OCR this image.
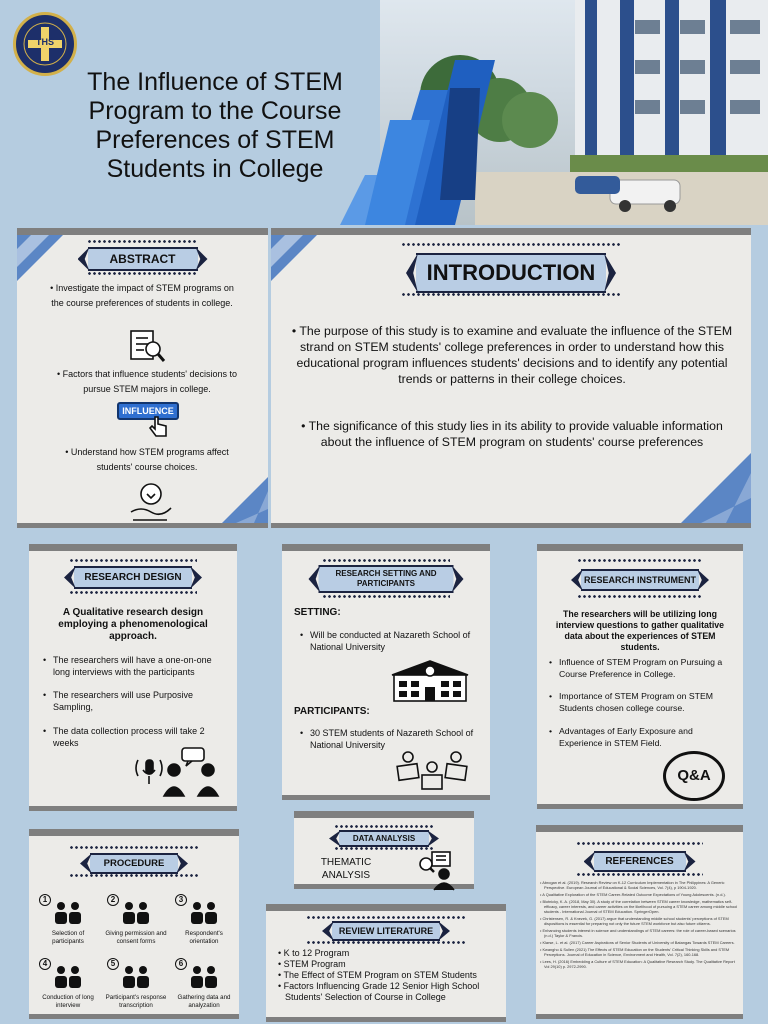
THS
The Influence of STEM Program to the Course Preferences of STEM Students in College
ABSTRACT
• Investigate the impact of STEM programs on the course preferences of students in college.
• Factors that influence students' decisions to pursue STEM majors in college.
INFLUENCE
• Understand how STEM programs affect students' course choices.
INTRODUCTION
• The purpose of this study is to examine and evaluate the influence of the STEM strand on STEM students' college preferences in order to understand how this educational program influences students' decisions and to identify any potential trends or patterns in their college choices.
• The significance of this study lies in its ability to provide valuable information about the influence of STEM program on students' course preferences
RESEARCH DESIGN
A Qualitative research design employing a phenomenological approach.
• The researchers will have a one-on-one long interviews with the participants
• The researchers will use Purposive Sampling,
• The data collection process will take 2 weeks
RESEARCH SETTING AND PARTICIPANTS
SETTING:
• Will be conducted at Nazareth School of National University
PARTICIPANTS:
• 30 STEM students of Nazareth School of National University
RESEARCH INSTRUMENT
The researchers will be utilizing long interview questions to gather qualitative data about the experiences of STEM students.
• Influence of STEM Program on Pursuing a Course Preference in College.
• Importance of STEM Program on STEM Students chosen college course.
• Advantages of Early Exposure and Experience in STEM Field.
Q&A
PROCEDURE
1
Selection of participants
2
Giving permission and consent forms
3
Respondent's orientation
4
Conduction of long interview
5
Participant's response transcription
6
Gathering data and analyzation
DATA ANALYSIS
THEMATIC ANALYSIS
REVIEW LITERATURE
• K to 12 Program
• STEM Program
• The Effect of STEM Program on STEM Students
• Factors Influencing Grade 12 Senior High School Students' Selection of Course in College
REFERENCES
• Abrogan et al. (2019). Research Review on K-12 Curriculum Implementation in The Philippines: A Generic Perspective. European Journal of Educational & Social Sciences, Vol. 7(4), p 1904-1920.
• A Qualitative Exploration of the STEM Career-Related Outcome Expectations of Young Adolescents. (n.d.).
• Blotnicky, K. A. (2018, May 30). A study of the correlation between STEM career knowledge, mathematics self-efficacy, career interests, and career activities on the likelihood of pursuing a STEM career among middle school students - International Journal of STEM Education. SpringerOpen.
• Christensen, R. & Knezek, G. (2017) argue that understanding middle school students' perceptions of STEM dispositions is essential for preparing not only the future STEM workforce but also future citizens.
• Enhancing students interest in science and understandings of STEM careers: the role of career-based scenarios (n.d.) Taylor & Francis.
• Klarse, L. et al. (2017) Career Aspirations of Senior Students of University of Batangas Towards STEM Careers.
• Kwangho & Sullen (2021) The Effects of STEM Education on the Students' Critical Thinking Skills and STEM Perceptions. Journal of Education in Science, Environment and Health, Vol. 7(2), 160-168.
• Lees, H. (2016) Embedding a Culture of STEM Education: A Qualitative Research Study. The Qualitative Report Vol 29(10) p. 2972-2990.
